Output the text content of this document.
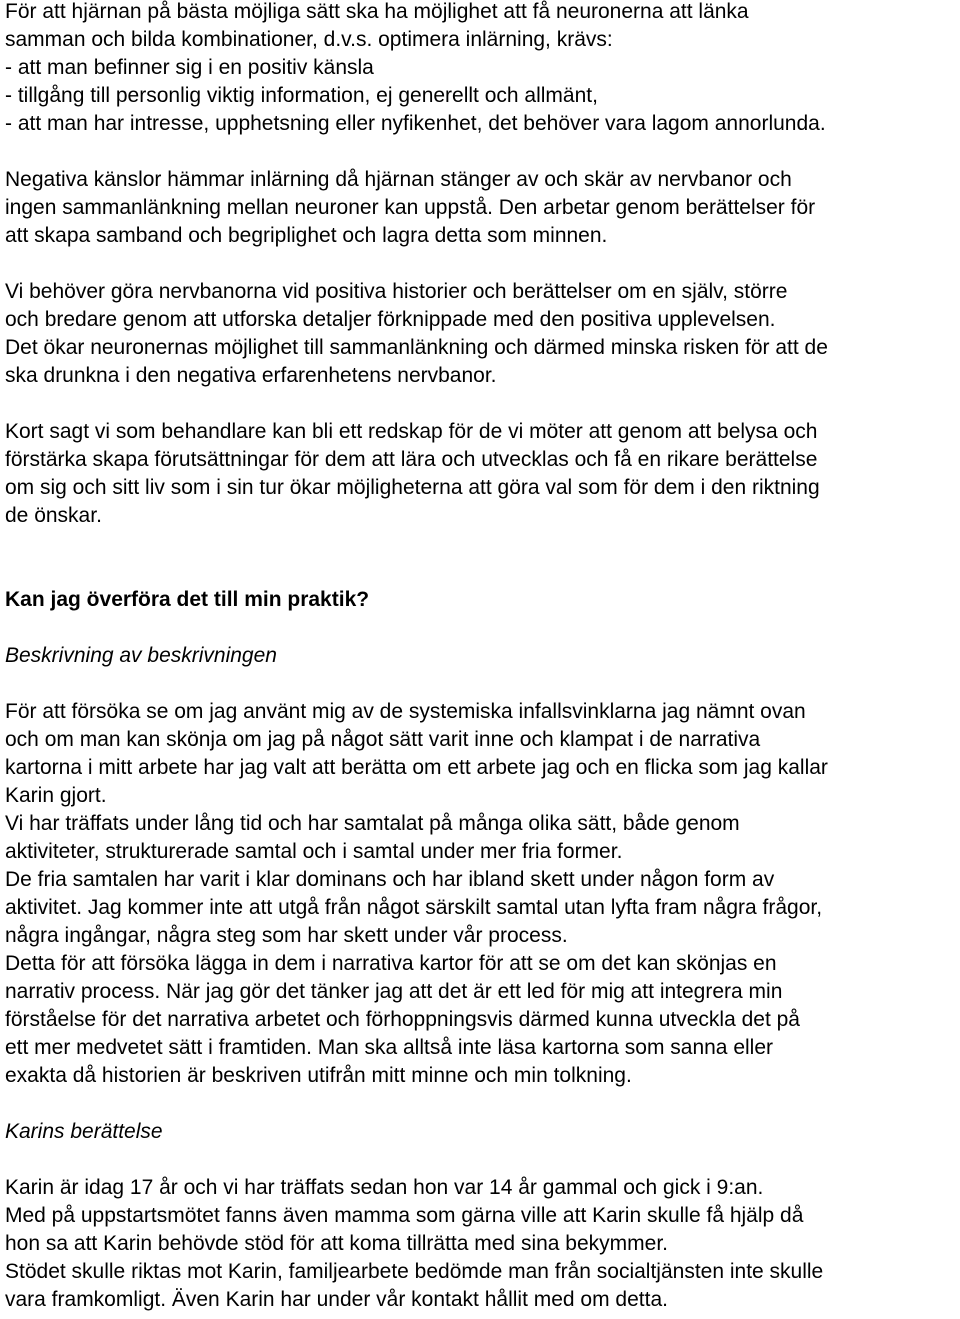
För att hjärnan på bästa möjliga sätt ska ha möjlighet att få neuronerna att länka

samman och bilda kombinationer, d.v.s. optimera inlärning, krävs:

- att man befinner sig i en positiv känsla

- tillgång till personlig viktig information, ej generellt och allmänt,

- att man har intresse, upphetsning eller nyfikenhet, det behöver vara lagom annorlunda.

Negativa känslor hämmar inlärning då hjärnan stänger av och skär av nervbanor och

ingen sammanlänkning mellan neuroner kan uppstå. Den arbetar genom berättelser för

att skapa samband och begriplighet och lagra detta som minnen.

Vi behöver göra nervbanorna vid positiva historier och berättelser om en själv, större

och bredare genom att utforska detaljer förknippade med den positiva upplevelsen.

Det ökar neuronernas möjlighet till sammanlänkning och därmed minska risken för att de

ska drunkna i den negativa erfarenhetens nervbanor.

Kort sagt vi som behandlare kan bli ett redskap för de vi möter att genom att belysa och

förstärka skapa förutsättningar för dem att lära och utvecklas och få en rikare berättelse

om sig och sitt liv som i sin tur ökar möjligheterna att göra val som för dem i den riktning

de önskar.

Kan jag överföra det till min praktik?

Beskrivning av beskrivningen

För att försöka se om jag använt mig av de systemiska infallsvinklarna jag nämnt ovan

och om man kan skönja om jag på något sätt varit inne och klampat i de narrativa

kartorna i mitt arbete har jag valt att berätta om ett arbete jag och en flicka som jag kallar

Karin gjort.

Vi har träffats under lång tid och har samtalat på många olika sätt, både genom

aktiviteter, strukturerade samtal och i samtal under mer fria former.

De fria samtalen har varit i klar dominans och har ibland skett under någon form av

aktivitet. Jag kommer inte att utgå från något särskilt samtal utan lyfta fram några frågor,

några ingångar, några steg som har skett under vår process.

Detta för att försöka lägga in dem i narrativa kartor för att se om det kan skönjas en

narrativ process. När jag gör det tänker jag att det är ett led för mig att integrera min

förståelse för det narrativa arbetet och förhoppningsvis därmed kunna utveckla det på

ett mer medvetet sätt i framtiden. Man ska alltså inte läsa kartorna som sanna eller

exakta då historien är beskriven utifrån mitt minne och min tolkning.

Karins berättelse

Karin är idag 17 år och vi har träffats sedan hon var 14 år gammal och gick i 9:an.

Med på uppstartsmötet fanns även mamma som gärna ville att Karin skulle få hjälp då

hon sa att Karin behövde stöd för att koma tillrätta med sina bekymmer.

Stödet skulle riktas mot Karin, familjearbete bedömde man från socialtjänsten inte skulle

vara framkomligt. Även Karin har under vår kontakt hållit med om detta.
